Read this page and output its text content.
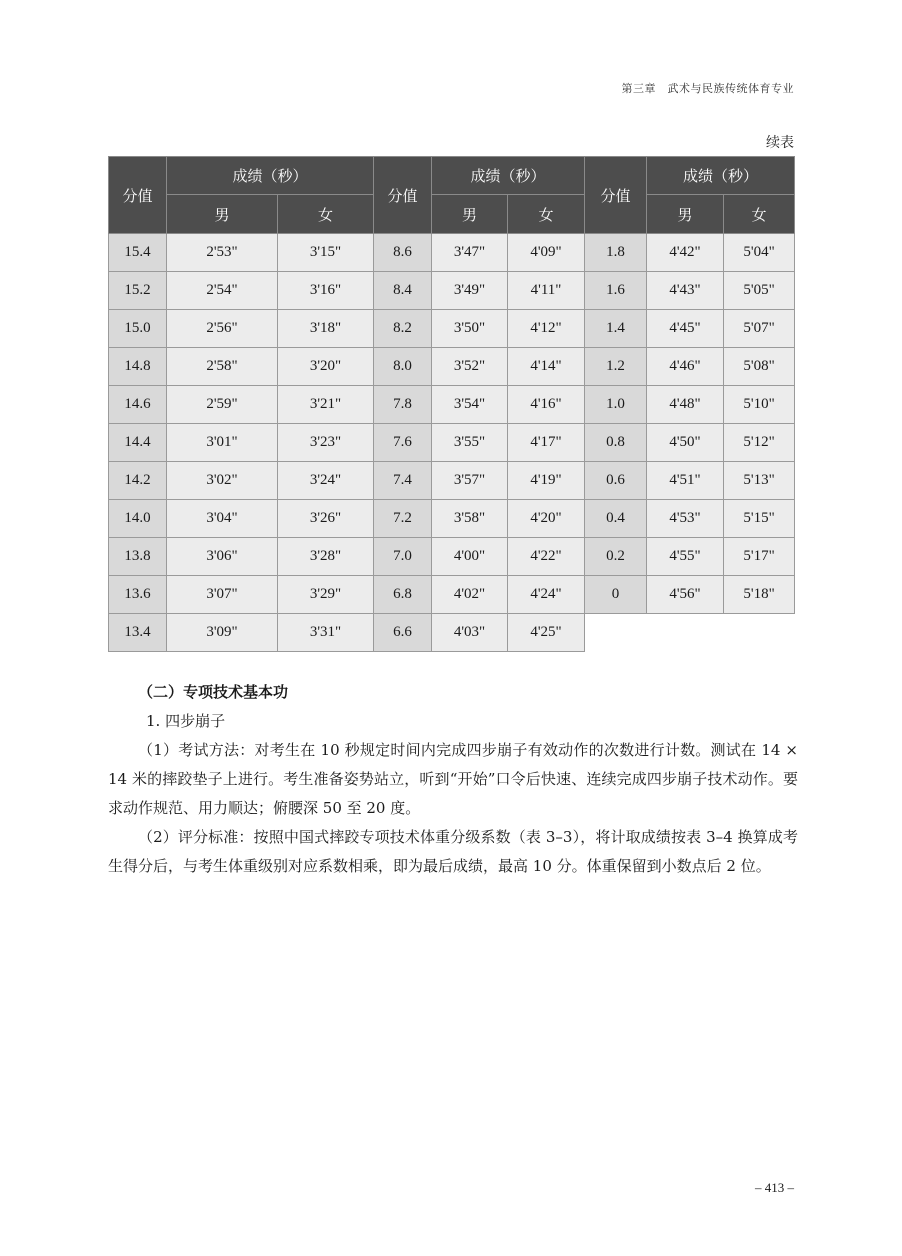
第三章　武术与民族传统体育专业
续表
分值	成绩（秒）		分值	成绩（秒）		分值	成绩（秒）	
	男	女		男	女		男	女
15.4	2'53"	3'15"	8.6	3'47"	4'09"	1.8	4'42"	5'04"
15.2	2'54"	3'16"	8.4	3'49"	4'11"	1.6	4'43"	5'05"
15.0	2'56"	3'18"	8.2	3'50"	4'12"	1.4	4'45"	5'07"
14.8	2'58"	3'20"	8.0	3'52"	4'14"	1.2	4'46"	5'08"
14.6	2'59"	3'21"	7.8	3'54"	4'16"	1.0	4'48"	5'10"
14.4	3'01"	3'23"	7.6	3'55"	4'17"	0.8	4'50"	5'12"
14.2	3'02"	3'24"	7.4	3'57"	4'19"	0.6	4'51"	5'13"
14.0	3'04"	3'26"	7.2	3'58"	4'20"	0.4	4'53"	5'15"
13.8	3'06"	3'28"	7.0	4'00"	4'22"	0.2	4'55"	5'17"
13.6	3'07"	3'29"	6.8	4'02"	4'24"	0	4'56"	5'18"
13.4	3'09"	3'31"	6.6	4'03"	4'25"			

（二）专项技术基本功

1. 四步崩子

（1）考试方法：对考生在 10 秒规定时间内完成四步崩子有效动作的次数进行计数。测试在 14 × 14 米的摔跤垫子上进行。考生准备姿势站立，听到“开始”口令后快速、连续完成四步崩子技术动作。要求动作规范、用力顺达；俯腰深 50 至 20 度。

（2）评分标准：按照中国式摔跤专项技术体重分级系数（表 3–3），将计取成绩按表 3–4 换算成考生得分后，与考生体重级别对应系数相乘，即为最后成绩，最高 10 分。体重保留到小数点后 2 位。

– 413 –
